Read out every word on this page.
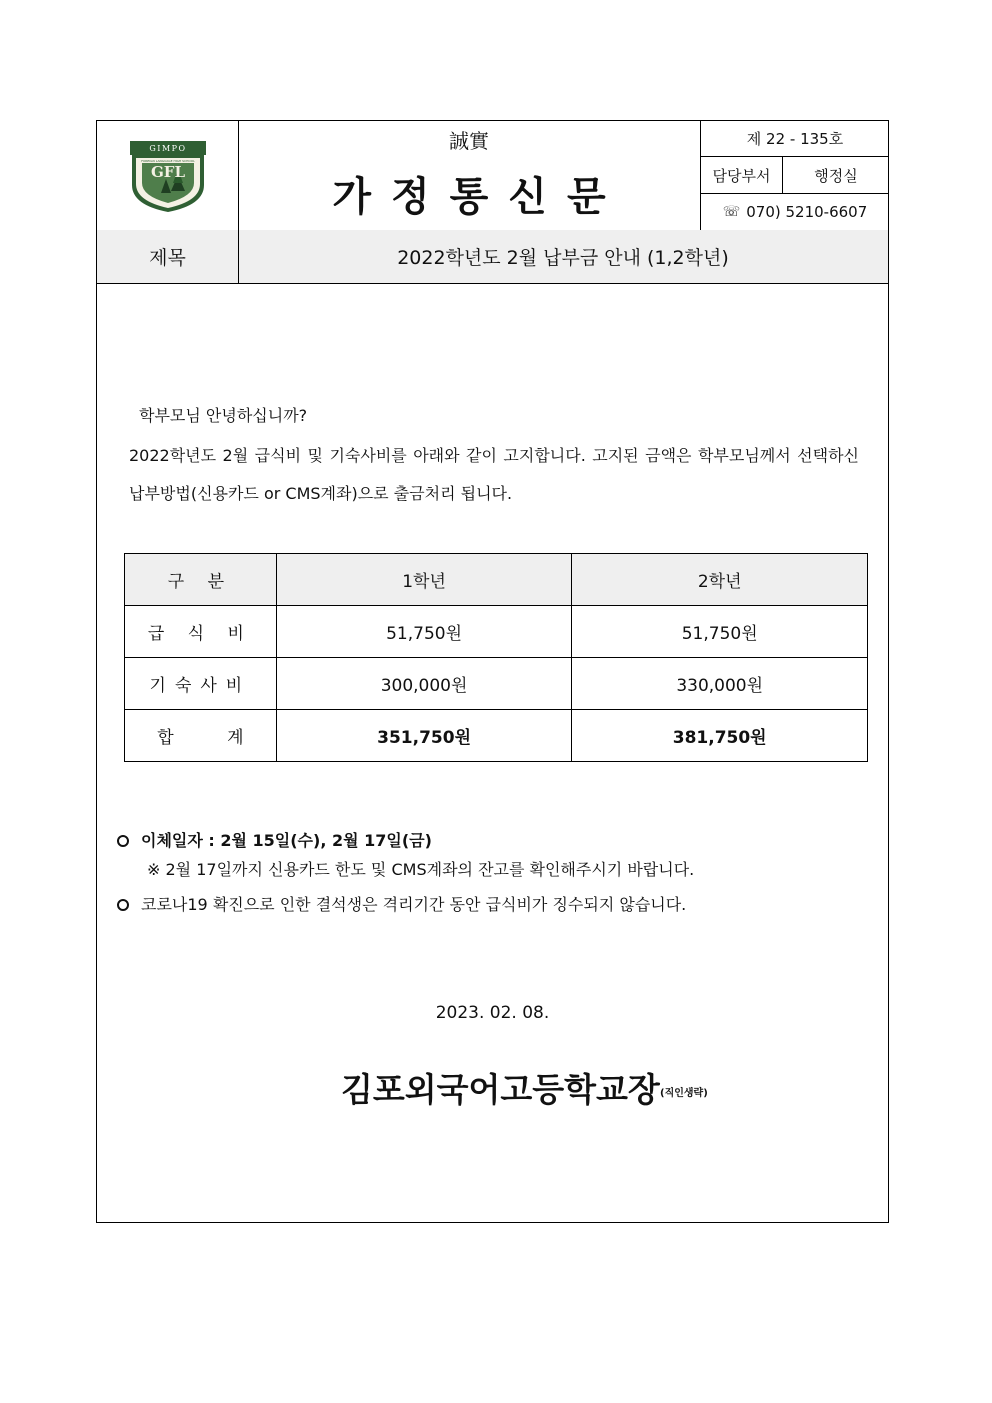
GFL
GIMPO
FOREIGN LANGUAGE HIGH SCHOOL
誠實
가정통신문
제 22 - 135호
담당부서	행정실
☏ 070) 5210-6607
제목	2022학년도 2월 납부금 안내 (1,2학년)
학부모님 안녕하십니까?
2022학년도 2월 급식비 및 기숙사비를 아래와 같이 고지합니다. 고지된 금액은 학부모님께서 선택하신 납부방법(신용카드 or CMS계좌)으로 출금처리 됩니다.
구 분	1학년	2학년
급 식 비	51,750원	51,750원
기숙사비	300,000원	330,000원
합 계	351,750원	381,750원
이체일자 : 2월 15일(수), 2월 17일(금)
※ 2월 17일까지 신용카드 한도 및 CMS계좌의 잔고를 확인해주시기 바랍니다.
코로나19 확진으로 인한 결석생은 격리기간 동안 급식비가 징수되지 않습니다.
2023. 02. 08.
김포외국어고등학교장 (직인생략)
